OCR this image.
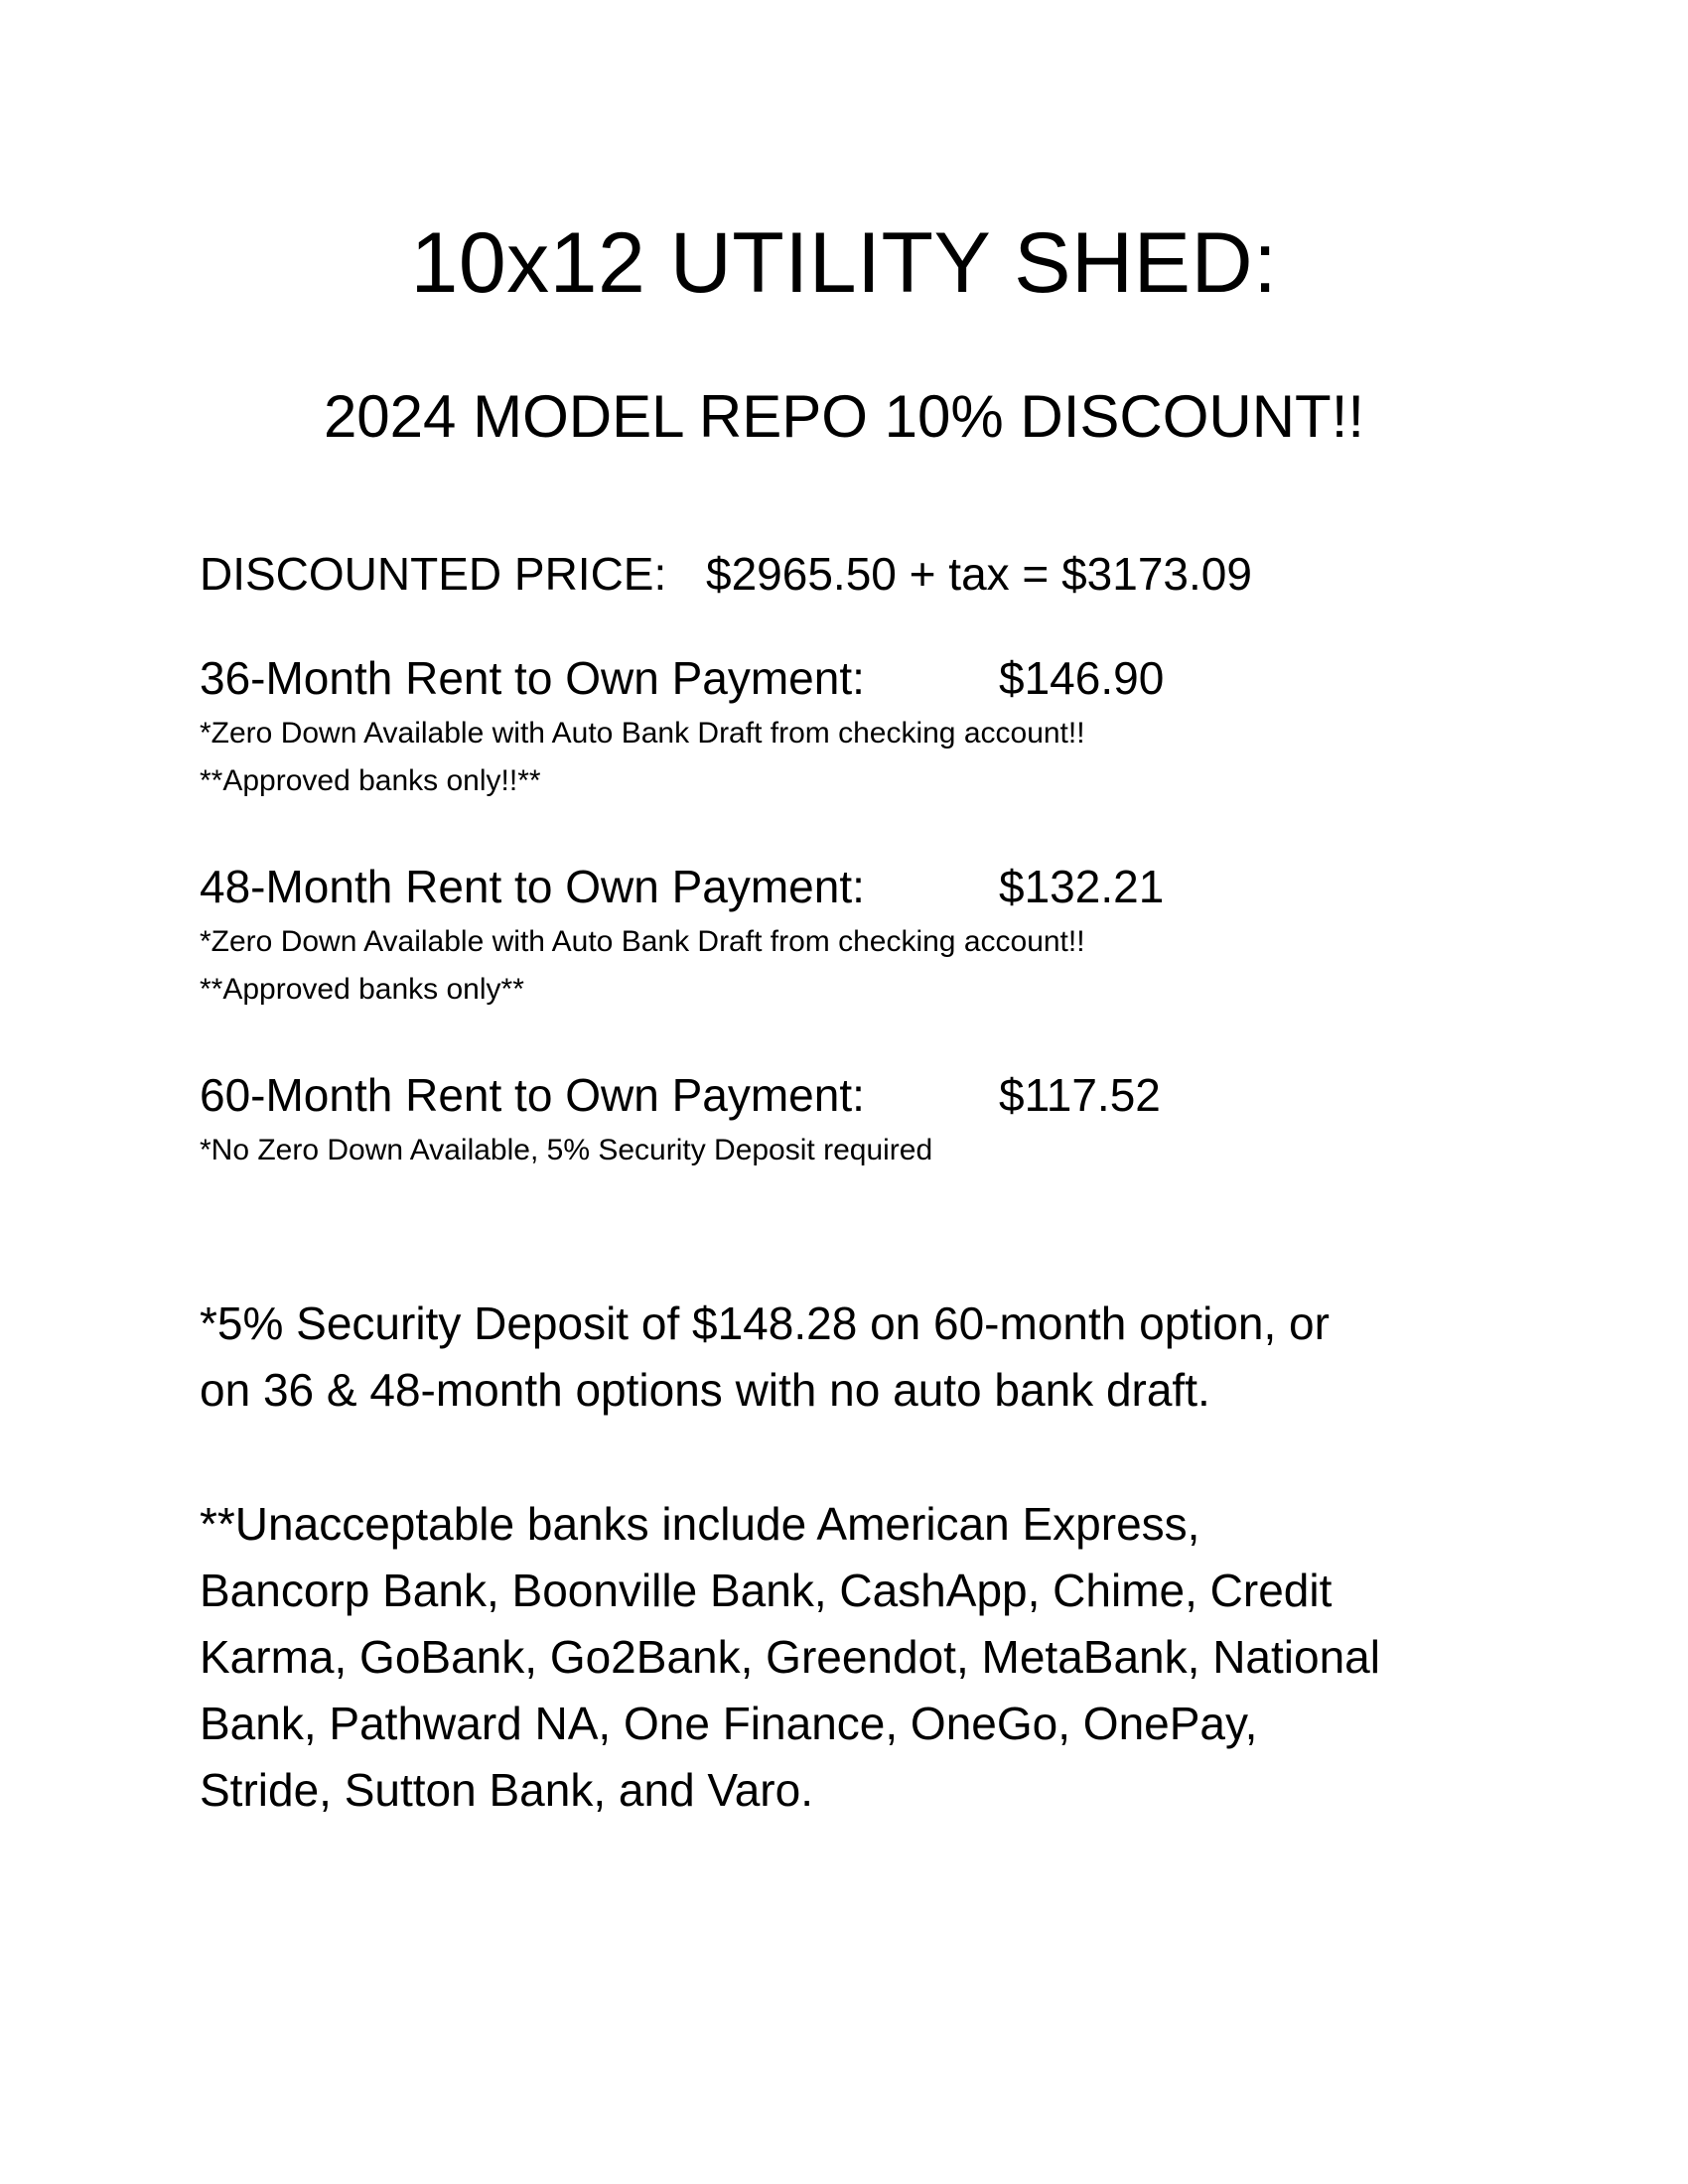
10x12 UTILITY SHED:
2024 MODEL REPO 10% DISCOUNT!!
DISCOUNTED PRICE: $2965.50 + tax = $3173.09
36-Month Rent to Own Payment:	$146.90
*Zero Down Available with Auto Bank Draft from checking account!!
**Approved banks only!!**
48-Month Rent to Own Payment:	$132.21
*Zero Down Available with Auto Bank Draft from checking account!!
**Approved banks only**
60-Month Rent to Own Payment:	$117.52
*No Zero Down Available, 5% Security Deposit required
*5% Security Deposit of $148.28 on 60-month option, or
on 36 & 48-month options with no auto bank draft.
**Unacceptable banks include American Express,
Bancorp Bank, Boonville Bank, CashApp, Chime, Credit
Karma, GoBank, Go2Bank, Greendot, MetaBank, National
Bank, Pathward NA, One Finance, OneGo, OnePay,
Stride, Sutton Bank, and Varo.
